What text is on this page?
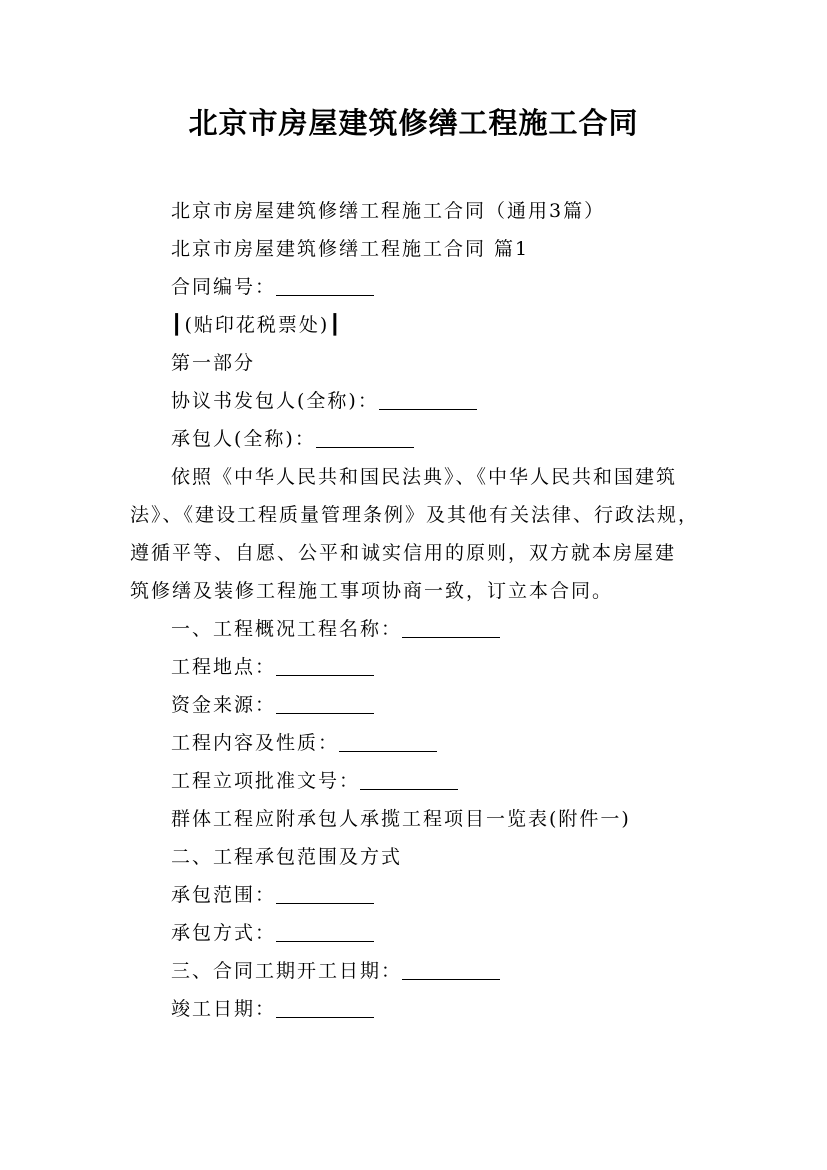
北京市房屋建筑修缮工程施工合同
北京市房屋建筑修缮工程施工合同（通用3篇）
北京市房屋建筑修缮工程施工合同 篇1
合同编号：
┃(贴印花税票处)┃
第一部分
协议书发包人(全称)：
承包人(全称)：
依照《中华人民共和国民法典》、《中华人民共和国建筑
法》、《建设工程质量管理条例》及其他有关法律、行政法规，
遵循平等、自愿、公平和诚实信用的原则，双方就本房屋建
筑修缮及装修工程施工事项协商一致，订立本合同。
一、工程概况工程名称：
工程地点：
资金来源：
工程内容及性质：
工程立项批准文号：
群体工程应附承包人承揽工程项目一览表(附件一)
二、工程承包范围及方式
承包范围：
承包方式：
三、合同工期开工日期：
竣工日期：
